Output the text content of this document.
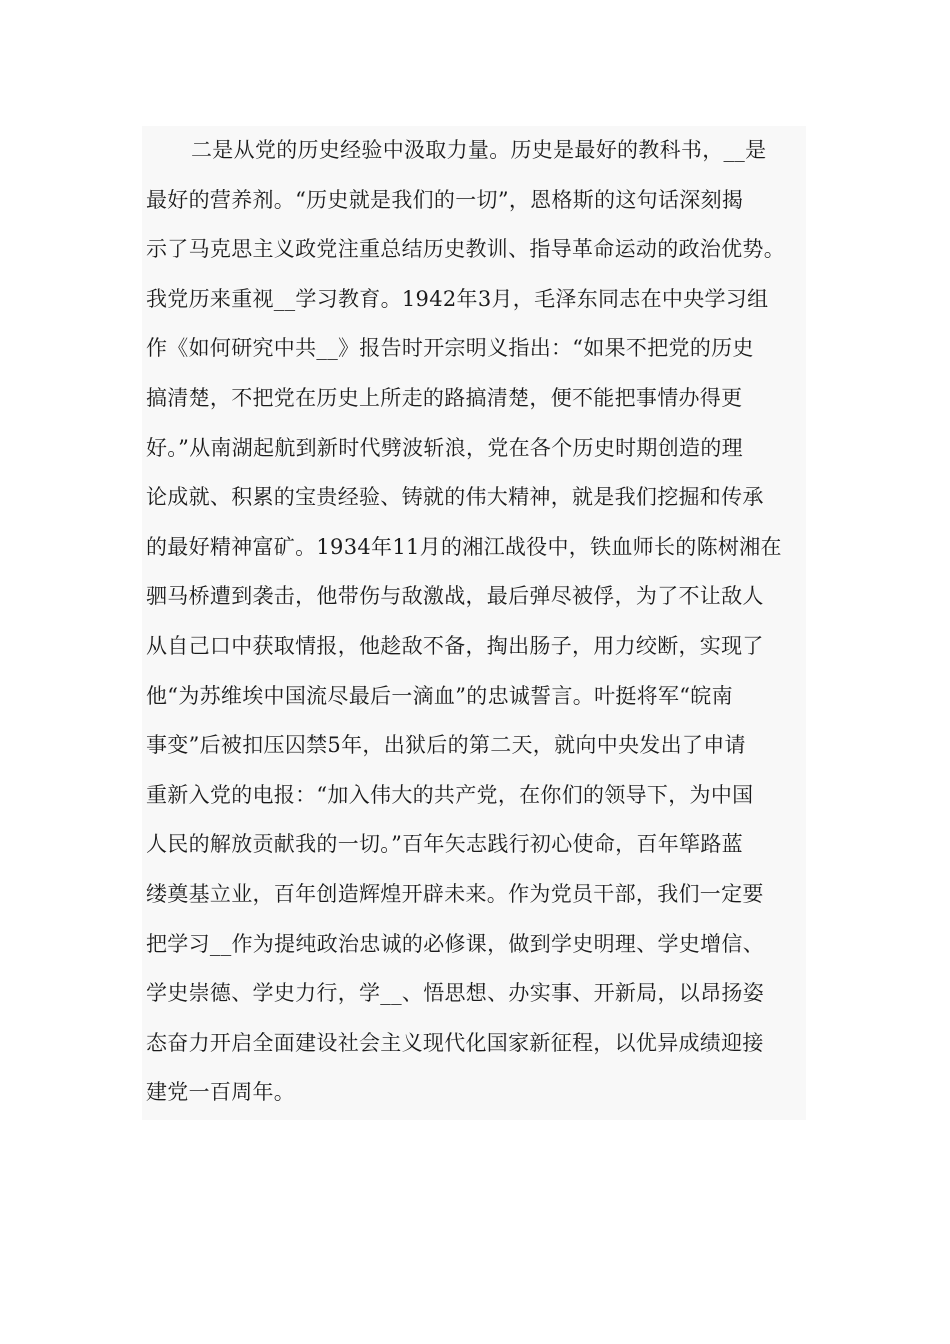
二是从党的历史经验中汲取力量。历史是最好的教科书，__是
最好的营养剂。“历史就是我们的一切”，恩格斯的这句话深刻揭
示了马克思主义政党注重总结历史教训、指导革命运动的政治优势。
我党历来重视__学习教育。1942年3月，毛泽东同志在中央学习组
作《如何研究中共__》报告时开宗明义指出：“如果不把党的历史
搞清楚，不把党在历史上所走的路搞清楚，便不能把事情办得更
好。”从南湖起航到新时代劈波斩浪，党在各个历史时期创造的理
论成就、积累的宝贵经验、铸就的伟大精神，就是我们挖掘和传承
的最好精神富矿。1934年11月的湘江战役中，铁血师长的陈树湘在
驷马桥遭到袭击，他带伤与敌激战，最后弹尽被俘，为了不让敌人
从自己口中获取情报，他趁敌不备，掏出肠子，用力绞断，实现了
他“为苏维埃中国流尽最后一滴血”的忠诚誓言。叶挺将军“皖南
事变”后被扣压囚禁5年，出狱后的第二天，就向中央发出了申请
重新入党的电报：“加入伟大的共产党，在你们的领导下，为中国
人民的解放贡献我的一切。”百年矢志践行初心使命，百年筚路蓝
缕奠基立业，百年创造辉煌开辟未来。作为党员干部，我们一定要
把学习__作为提纯政治忠诚的必修课，做到学史明理、学史增信、
学史崇德、学史力行，学__、悟思想、办实事、开新局，以昂扬姿
态奋力开启全面建设社会主义现代化国家新征程，以优异成绩迎接
建党一百周年。
